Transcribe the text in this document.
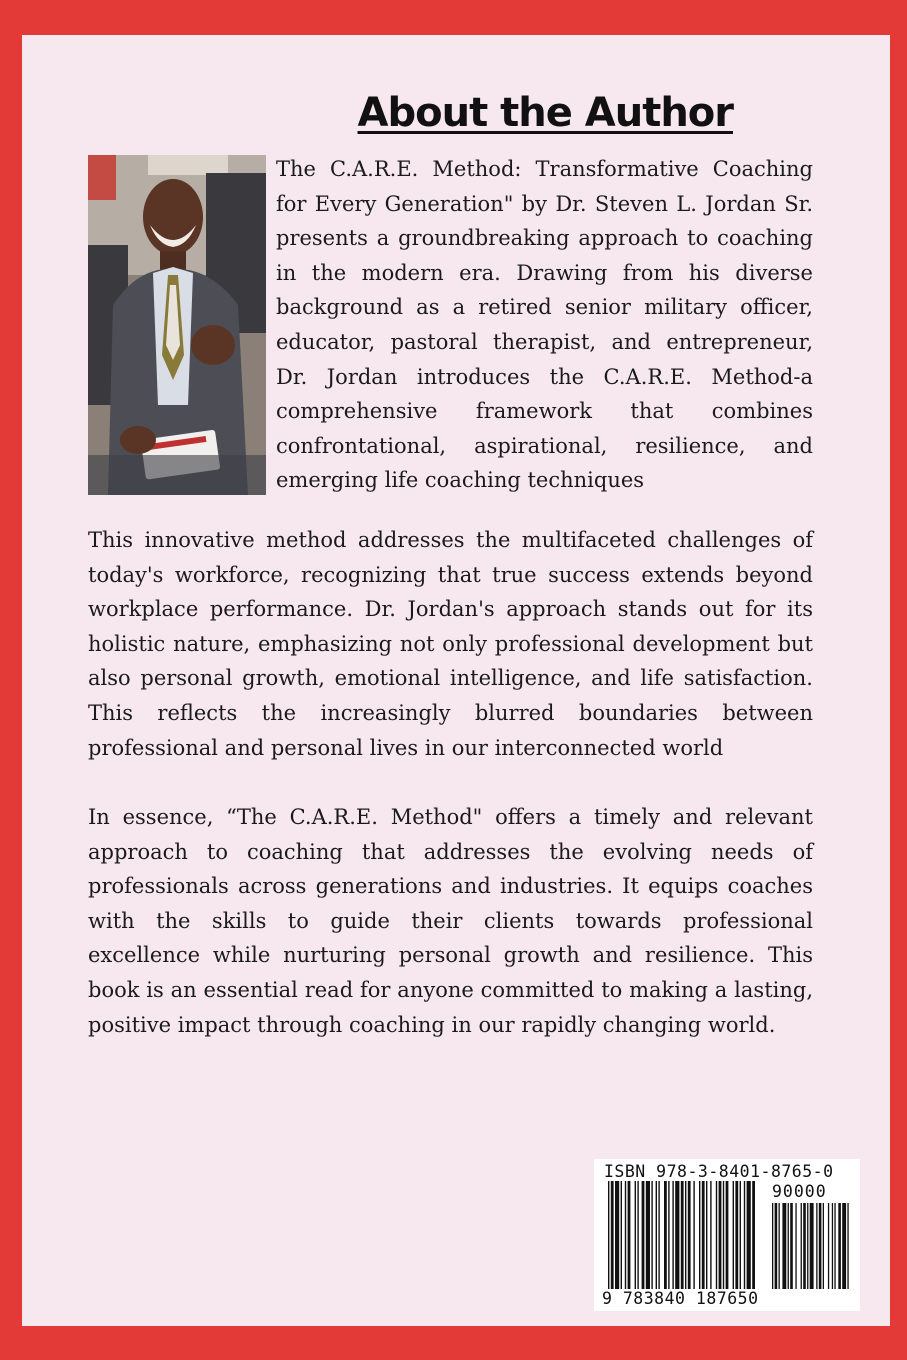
About the Author

The C.A.R.E. Method: Transformative Coaching for Every Generation" by Dr. Steven L. Jordan Sr. presents a groundbreaking approach to coaching in the modern era. Drawing from his diverse background as a retired senior military officer, educator, pastoral therapist, and entrepreneur, Dr. Jordan introduces the C.A.R.E. Method-a comprehensive framework that combines confrontational, aspirational, resilience, and emerging life coaching techniques

This innovative method addresses the multifaceted challenges of today's workforce, recognizing that true success extends beyond workplace performance. Dr. Jordan's approach stands out for its holistic nature, emphasizing not only professional development but also personal growth, emotional intelligence, and life satisfaction. This reflects the increasingly blurred boundaries between professional and personal lives in our interconnected world

In essence, “The C.A.R.E. Method" offers a timely and relevant approach to coaching that addresses the evolving needs of professionals across generations and industries. It equips coaches with the skills to guide their clients towards professional excellence while nurturing personal growth and resilience. This book is an essential read for anyone committed to making a lasting, positive impact through coaching in our rapidly changing world.

ISBN 978-3-8401-8765-0
90000
9 783840 187650
